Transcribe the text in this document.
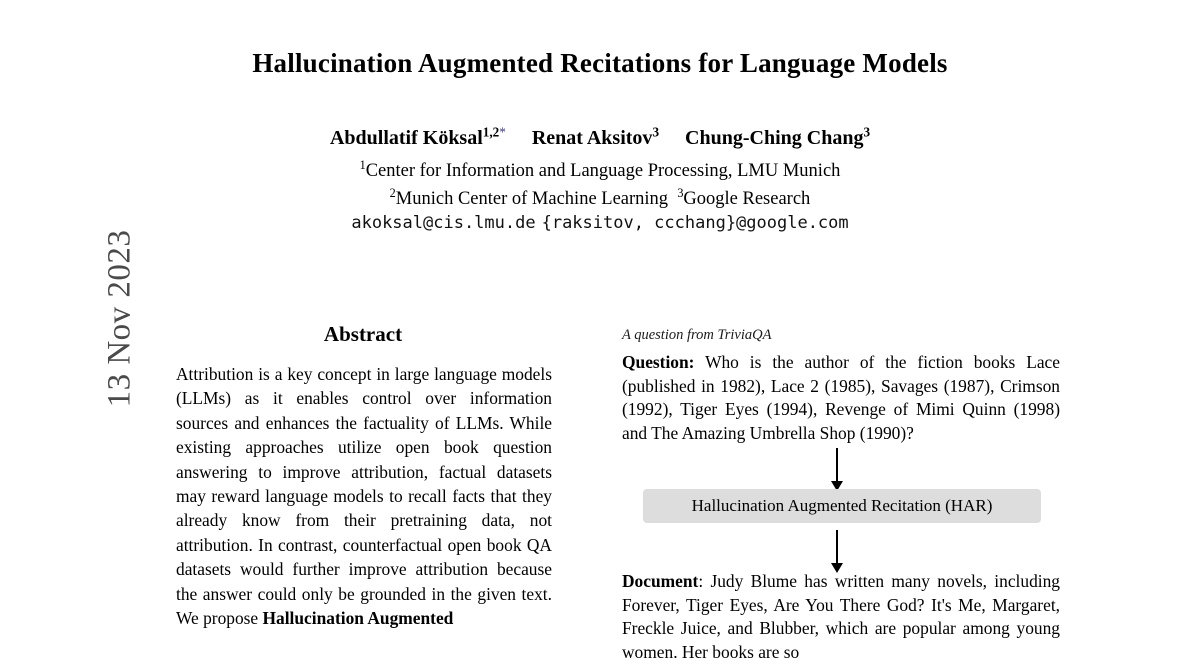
13 Nov 2023
Hallucination Augmented Recitations for Language Models
Abdullatif Köksal$^{1,2*}$ Renat Aksitov$^3$ Chung-Ching Chang$^3$
$^1$Center for Information and Language Processing, LMU Munich
$^2$Munich Center of Machine Learning $^3$Google Research
akoksal@cis.lmu.de {raksitov, ccchang}@google.com
Abstract
Attribution is a key concept in large language models (LLMs) as it enables control over information sources and enhances the factuality of LLMs. While existing approaches utilize open book question answering to improve attribution, factual datasets may reward language models to recall facts that they already know from their pretraining data, not attribution. In contrast, counterfactual open book QA datasets would further improve attribution because the answer could only be grounded in the given text. We propose Hallucination Augmented
A question from TriviaQA
Question: Who is the author of the fiction books Lace (published in 1982), Lace 2 (1985), Savages (1987), Crimson (1992), Tiger Eyes (1994), Revenge of Mimi Quinn (1998) and The Amazing Umbrella Shop (1990)?
Hallucination Augmented Recitation (HAR)
Document: Judy Blume has written many novels, including Forever, Tiger Eyes, Are You There God? It's Me, Margaret, Freckle Juice, and Blubber, which are popular among young women. Her books are so
